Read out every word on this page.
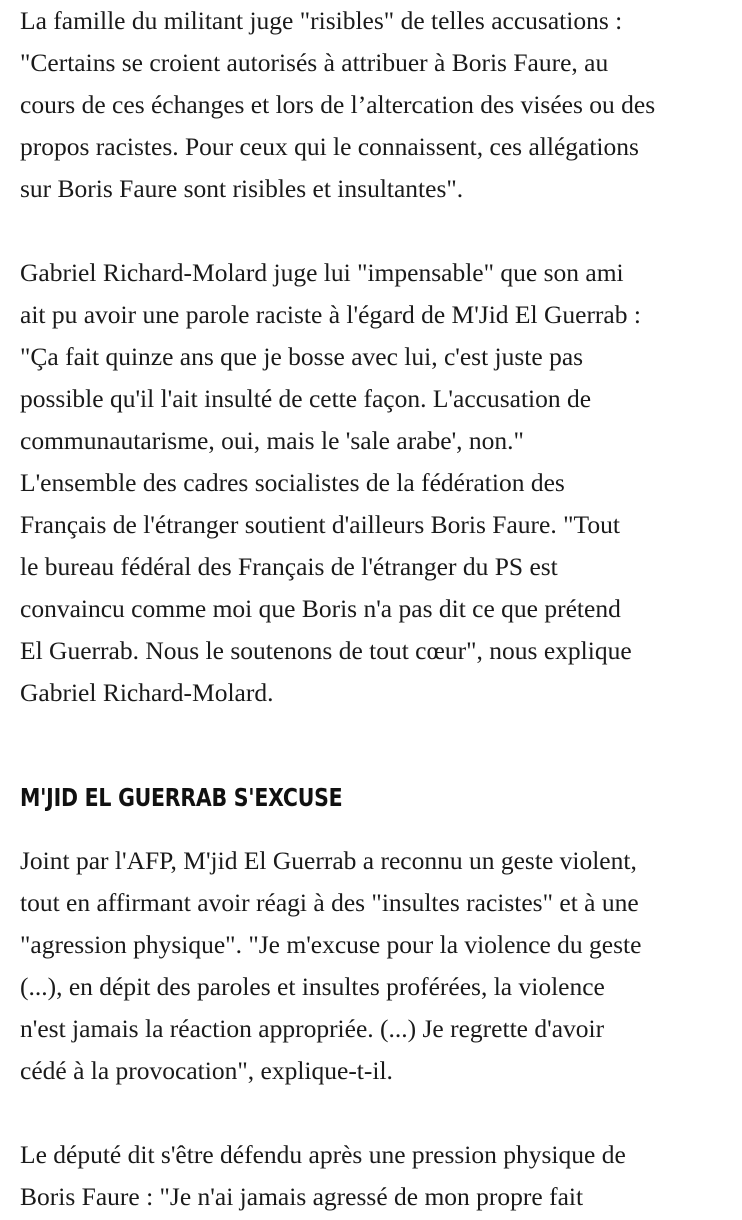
La famille du militant juge "risibles" de telles accusations :
"Certains se croient autorisés à attribuer à Boris Faure, au
cours de ces échanges et lors de l’altercation des visées ou des
propos racistes. Pour ceux qui le connaissent, ces allégations
sur Boris Faure sont risibles et insultantes".

Gabriel Richard-Molard juge lui "impensable" que son ami
ait pu avoir une parole raciste à l'égard de M'Jid El Guerrab :
"Ça fait quinze ans que je bosse avec lui, c'est juste pas
possible qu'il l'ait insulté de cette façon. L'accusation de
communautarisme, oui, mais le 'sale arabe', non."
L'ensemble des cadres socialistes de la fédération des
Français de l'étranger soutient d'ailleurs Boris Faure. "Tout
le bureau fédéral des Français de l'étranger du PS est
convaincu comme moi que Boris n'a pas dit ce que prétend
El Guerrab. Nous le soutenons de tout cœur", nous explique
Gabriel Richard-Molard.

M'JID EL GUERRAB S'EXCUSE

Joint par l'AFP, M'jid El Guerrab a reconnu un geste violent,
tout en affirmant avoir réagi à des "insultes racistes" et à une
"agression physique". "Je m'excuse pour la violence du geste
(...), en dépit des paroles et insultes proférées, la violence
n'est jamais la réaction appropriée. (...) Je regrette d'avoir
cédé à la provocation", explique-t-il.

Le député dit s'être défendu après une pression physique de
Boris Faure : "Je n'ai jamais agressé de mon propre fait
